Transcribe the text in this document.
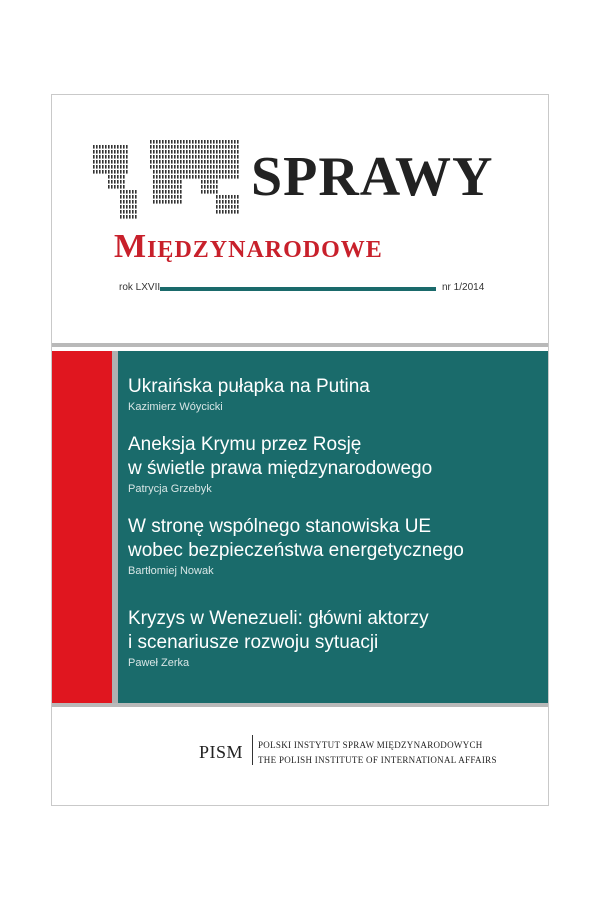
SPRAWY
Międzynarodowe
rok LXVII	nr 1/2014

Ukraińska pułapka na Putina

Kazimierz Wóycicki

Aneksja Krymu przez Rosję
w świetle prawa międzynarodowego

Patrycja Grzebyk

W stronę wspólnego stanowiska UE
wobec bezpieczeństwa energetycznego

Bartłomiej Nowak

Kryzys w Wenezueli: główni aktorzy
i scenariusze rozwoju sytuacji

Paweł Zerka
PISM POLSKI INSTYTUT SPRAW MIĘDZYNARODOWYCH
THE POLISH INSTITUTE OF INTERNATIONAL AFFAIRS
